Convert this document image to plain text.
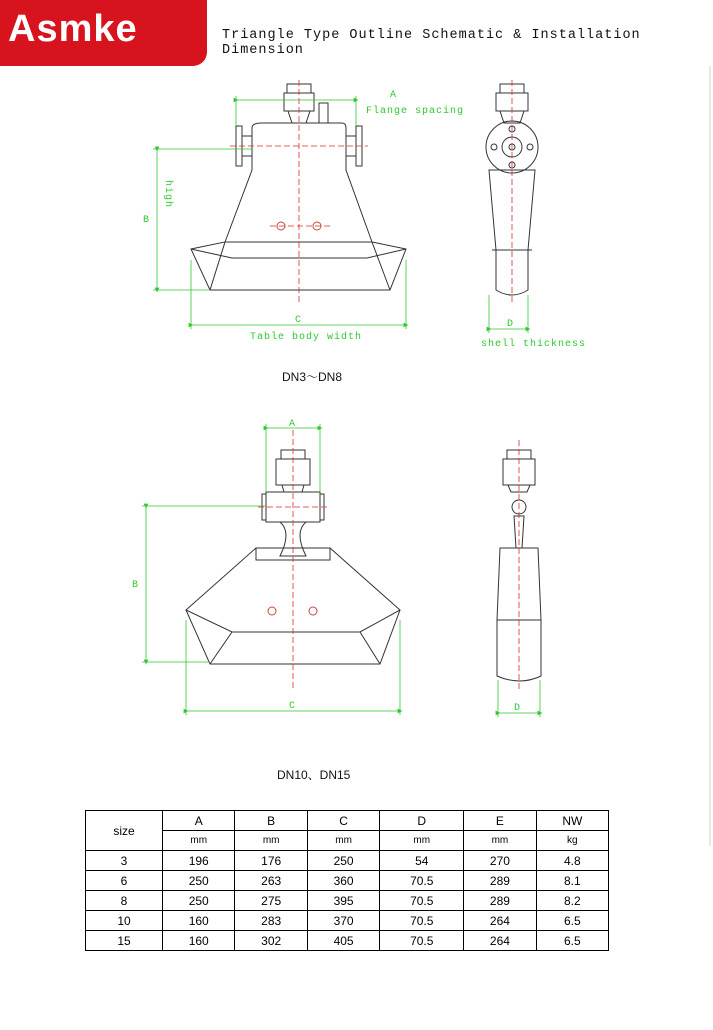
Asmke	Triangle Type Outline Schematic & Installation Dimension
A
Flange spacing
B
high
C
Table body width
D
shell thickness
A
B
C	D
DN3～DN8
DN10、DN15
size	A	B	C	D	E	NW
	mm	mm	mm	mm	mm	kg
3	196	176	250	54	270	4.8
6	250	263	360	70.5	289	8.1
8	250	275	395	70.5	289	8.2
10	160	283	370	70.5	264	6.5
15	160	302	405	70.5	264	6.5
